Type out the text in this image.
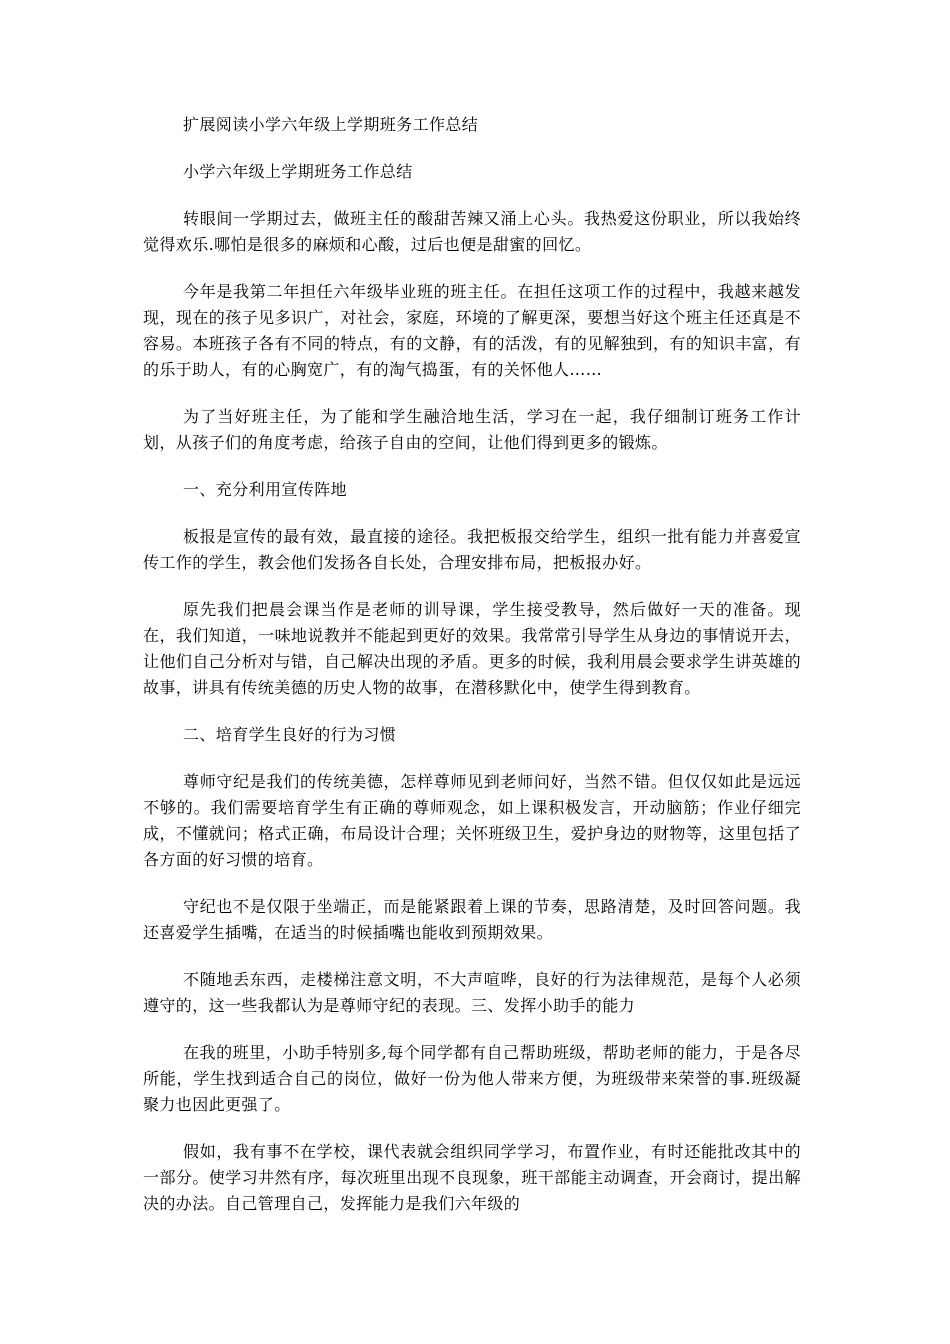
扩展阅读小学六年级上学期班务工作总结

小学六年级上学期班务工作总结

转眼间一学期过去，做班主任的酸甜苦辣又涌上心头。我热爱这份职业，所以我始终觉得欢乐.哪怕是很多的麻烦和心酸，过后也便是甜蜜的回忆。

今年是我第二年担任六年级毕业班的班主任。在担任这项工作的过程中，我越来越发现，现在的孩子见多识广，对社会，家庭，环境的了解更深，要想当好这个班主任还真是不容易。本班孩子各有不同的特点，有的文静，有的活泼，有的见解独到，有的知识丰富，有的乐于助人，有的心胸宽广，有的淘气捣蛋，有的关怀他人……

为了当好班主任，为了能和学生融洽地生活，学习在一起，我仔细制订班务工作计划，从孩子们的角度考虑，给孩子自由的空间，让他们得到更多的锻炼。

一、充分利用宣传阵地

板报是宣传的最有效，最直接的途径。我把板报交给学生，组织一批有能力并喜爱宣传工作的学生，教会他们发扬各自长处，合理安排布局，把板报办好。

原先我们把晨会课当作是老师的训导课，学生接受教导，然后做好一天的准备。现在，我们知道，一味地说教并不能起到更好的效果。我常常引导学生从身边的事情说开去，让他们自己分析对与错，自己解决出现的矛盾。更多的时候，我利用晨会要求学生讲英雄的故事，讲具有传统美德的历史人物的故事，在潜移默化中，使学生得到教育。

二、培育学生良好的行为习惯

尊师守纪是我们的传统美德，怎样尊师见到老师问好，当然不错。但仅仅如此是远远不够的。我们需要培育学生有正确的尊师观念，如上课积极发言，开动脑筋；作业仔细完成，不懂就问；格式正确，布局设计合理；关怀班级卫生，爱护身边的财物等，这里包括了各方面的好习惯的培育。

守纪也不是仅限于坐端正，而是能紧跟着上课的节奏，思路清楚，及时回答问题。我还喜爱学生插嘴，在适当的时候插嘴也能收到预期效果。

不随地丢东西，走楼梯注意文明，不大声喧哗，良好的行为法律规范，是每个人必须遵守的，这一些我都认为是尊师守纪的表现。三、发挥小助手的能力

在我的班里，小助手特别多,每个同学都有自己帮助班级，帮助老师的能力，于是各尽所能，学生找到适合自己的岗位，做好一份为他人带来方便，为班级带来荣誉的事.班级凝聚力也因此更强了。

假如，我有事不在学校，课代表就会组织同学学习，布置作业，有时还能批改其中的一部分。使学习井然有序，每次班里出现不良现象，班干部能主动调查，开会商讨，提出解决的办法。自己管理自己，发挥能力是我们六年级的
